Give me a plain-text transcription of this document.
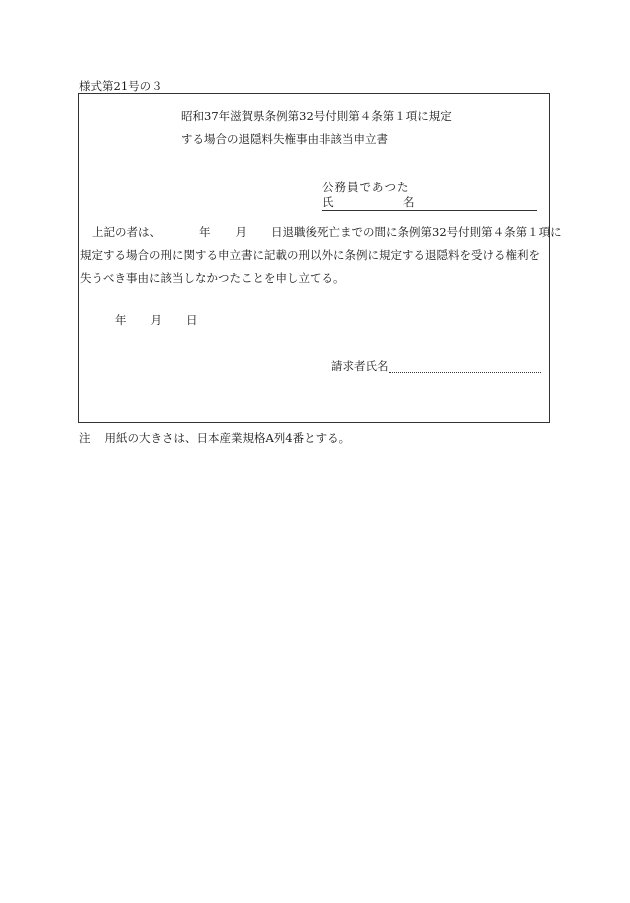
様式第21号の３
昭和37年滋賀県条例第32号付則第４条第１項に規定
する場合の退隠料失権事由非該当申立書
公務員であつた
氏	名
上記の者は、	年 月 日退職後死亡までの間に条例第32号付則第４条第１項に
規定する場合の刑に関する申立書に記載の刑以外に条例に規定する退隠料を受ける権利を
失うべき事由に該当しなかつたことを申し立てる。
年 月 日
請求者氏名
注 用紙の大きさは、日本産業規格A列4番とする。
